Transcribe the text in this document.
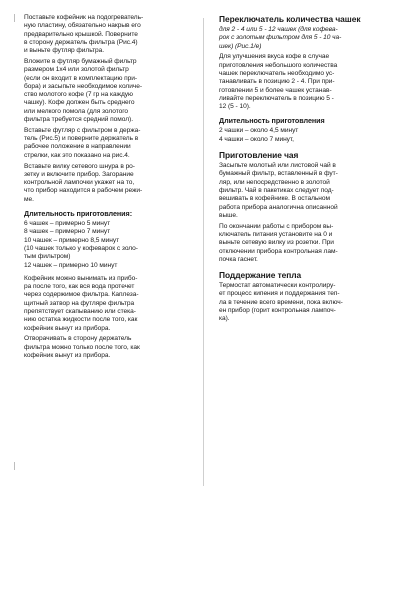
Поставьте кофейник на подогреватель-
ную пластину, обязательно накрыв его
предварительно крышкой. Поверните
в сторону держатель фильтра (Рис.4)
и выньте футляр фильтра.
Вложите в футляр бумажный фильтр
размером 1х4 или золотой фильтр
(если он входит в комплектацию при-
бора) и засыпьте необходимое количе-
ство молотого кофе (7 гр на каждую
чашку). Кофе должен быть среднего
или мелкого помола (для золотого
фильтра требуется средний помол).
Вставьте футляр с фильтром в держа-
тель (Рис.5) и поверните держатель в
рабочее положение в направлении
стрелки, как это показано на рис.4.
Вставьте вилку сетевого шнура в ро-
зетку и включите прибор. Загорание
контрольной лампочки укажет на то,
что прибор находится в рабочем режи-
ме.
Длительность приготовления:
6 чашек – примерно 5 минут
8 чашек – примерно 7 минут
10 чашек – примерно 8,5 минут
(10 чашек только у кофеварок с золо-
тым фильтром)
12 чашек – примерно 10 минут
Кофейник можно вынимать из прибо-
ра после того, как вся вода протечет
через содержимое фильтра. Каплеза-
щитный затвор на футляре фильтра
препятствует скапыванию или стека-
нию остатка жидкости после того, как
кофейник вынут из прибора.
Отворачивать в сторону держатель
фильтра можно только после того, как
кофейник вынут из прибора.
Переключатель количества чашек
для 2 - 4 или 5 - 12 чашек (для кофева-
рок с золотым фильтром для 5 - 10 ча-
шек) (Рис.1/е)
Для улучшения вкуса кофе в случае
приготовления небольшого количества
чашек переключатель необходимо ус-
танавливать в позицию 2 - 4. При при-
готовлении 5 и более чашек устанав-
ливайте переключатель в позицию 5 -
12 (5 - 10).
Длительность приготовления
2 чашки – около 4,5 минут
4 чашки – около 7 минут,
Приготовление чая
Засыпьте молотый или листовой чай в
бумажный фильтр, вставленный в фут-
ляр, или непосредственно в золотой
фильтр. Чай в пакетиках следует под-
вешивать в кофейнике. В остальном
работа прибора аналогична описанной
выше.
По окончании работы с прибором вы-
ключатель питания установите на 0 и
выньте сетевую вилку из розетки. При
отключении прибора контрольная лам-
почка гаснет.
Поддержание тепла
Термостат автоматически контролиру-
ет процесс кипения и поддержания теп-
ла в течение всего времени, пока включ-
ен прибор (горит контрольная лампоч-
ка).
